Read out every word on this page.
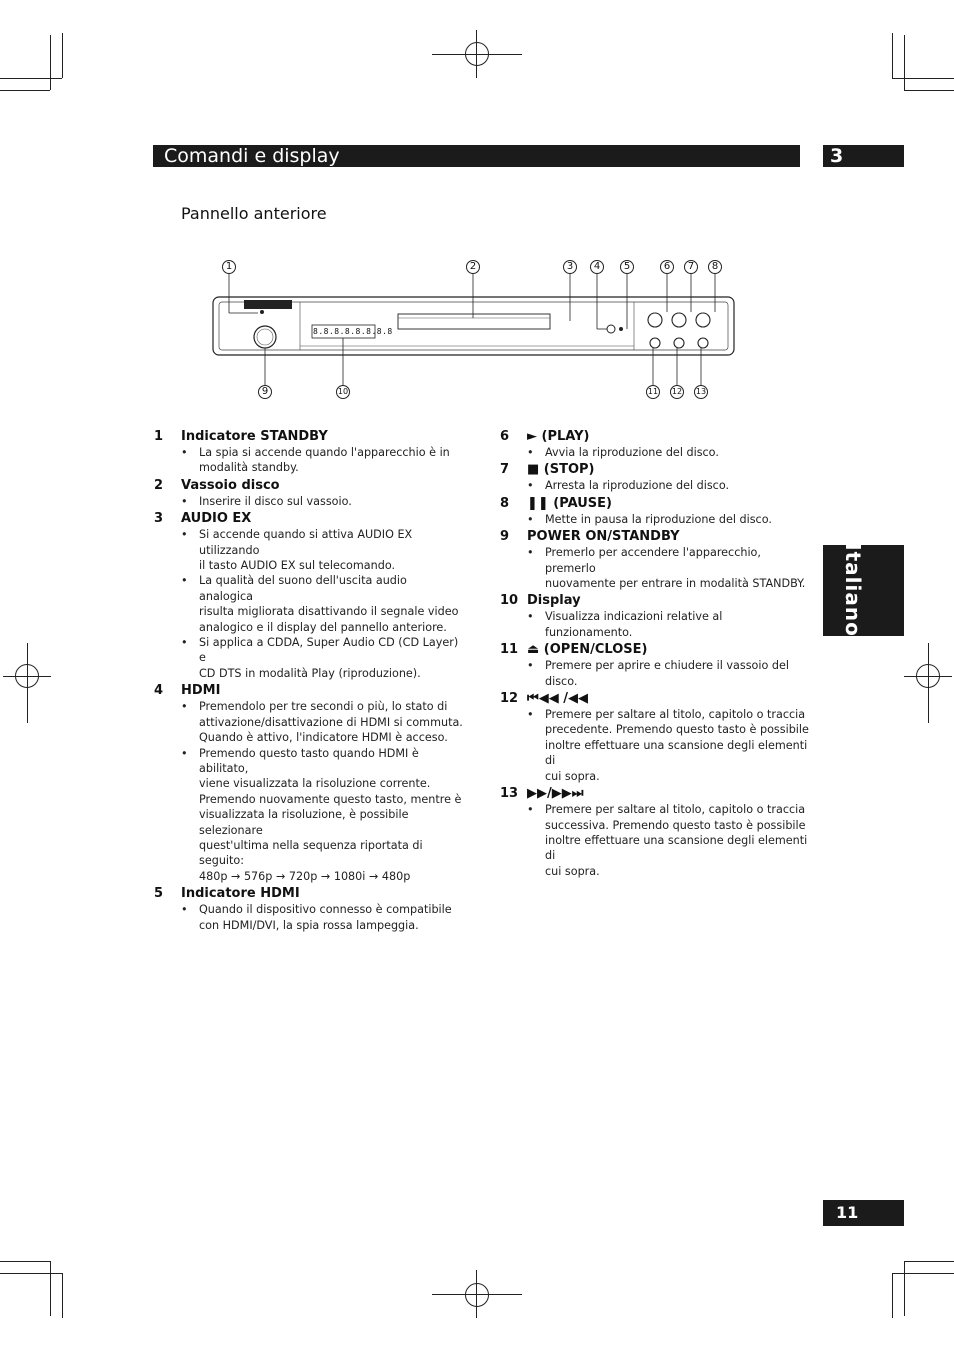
Comandi e display	3
Pannello anteriore
Italiano
8.8.8.8.8.8.8.8
1	2	3	4	5	6	7	8
9	10	11 12 13
1 Indicatore STANDBY
•	La spia si accende quando l'apparecchio è in
modalità standby.
2 Vassoio disco
•	Inserire il disco sul vassoio.
3 AUDIO EX
•	Si accende quando si attiva AUDIO EX utilizzando
il tasto AUDIO EX sul telecomando.
•	La qualità del suono dell'uscita audio analogica
risulta migliorata disattivando il segnale video
analogico e il display del pannello anteriore.
•	Si applica a CDDA, Super Audio CD (CD Layer) e
CD DTS in modalità Play (riproduzione).
4 HDMI
•	Premendolo per tre secondi o più, lo stato di
attivazione/disattivazione di HDMI si commuta.
Quando è attivo, l'indicatore HDMI è acceso.
•	Premendo questo tasto quando HDMI è abilitato,
viene visualizzata la risoluzione corrente.
Premendo nuovamente questo tasto, mentre è
visualizzata la risoluzione, è possibile selezionare
quest'ultima nella sequenza riportata di seguito:
480p → 576p → 720p → 1080i → 480p
5 Indicatore HDMI
•	Quando il dispositivo connesso è compatibile
con HDMI/DVI, la spia rossa lampeggia.
6 ► (PLAY)
•	Avvia la riproduzione del disco.
7 ■ (STOP)
•	Arresta la riproduzione del disco.
8 ❚❚ (PAUSE)
•	Mette in pausa la riproduzione del disco.
9 POWER ON/STANDBY
•	Premerlo per accendere l'apparecchio, premerlo
nuovamente per entrare in modalità STANDBY.
10 Display
•	Visualizza indicazioni relative al funzionamento.
11 ⏏ (OPEN/CLOSE)
•	Premere per aprire e chiudere il vassoio del disco.
12 ⏮◀◀ /◀◀
•	Premere per saltare al titolo, capitolo o traccia
precedente. Premendo questo tasto è possibile
inoltre effettuare una scansione degli elementi di
cui sopra.
13 ▶▶/▶▶⏭
•	Premere per saltare al titolo, capitolo o traccia
successiva. Premendo questo tasto è possibile
inoltre effettuare una scansione degli elementi di
cui sopra.
11
